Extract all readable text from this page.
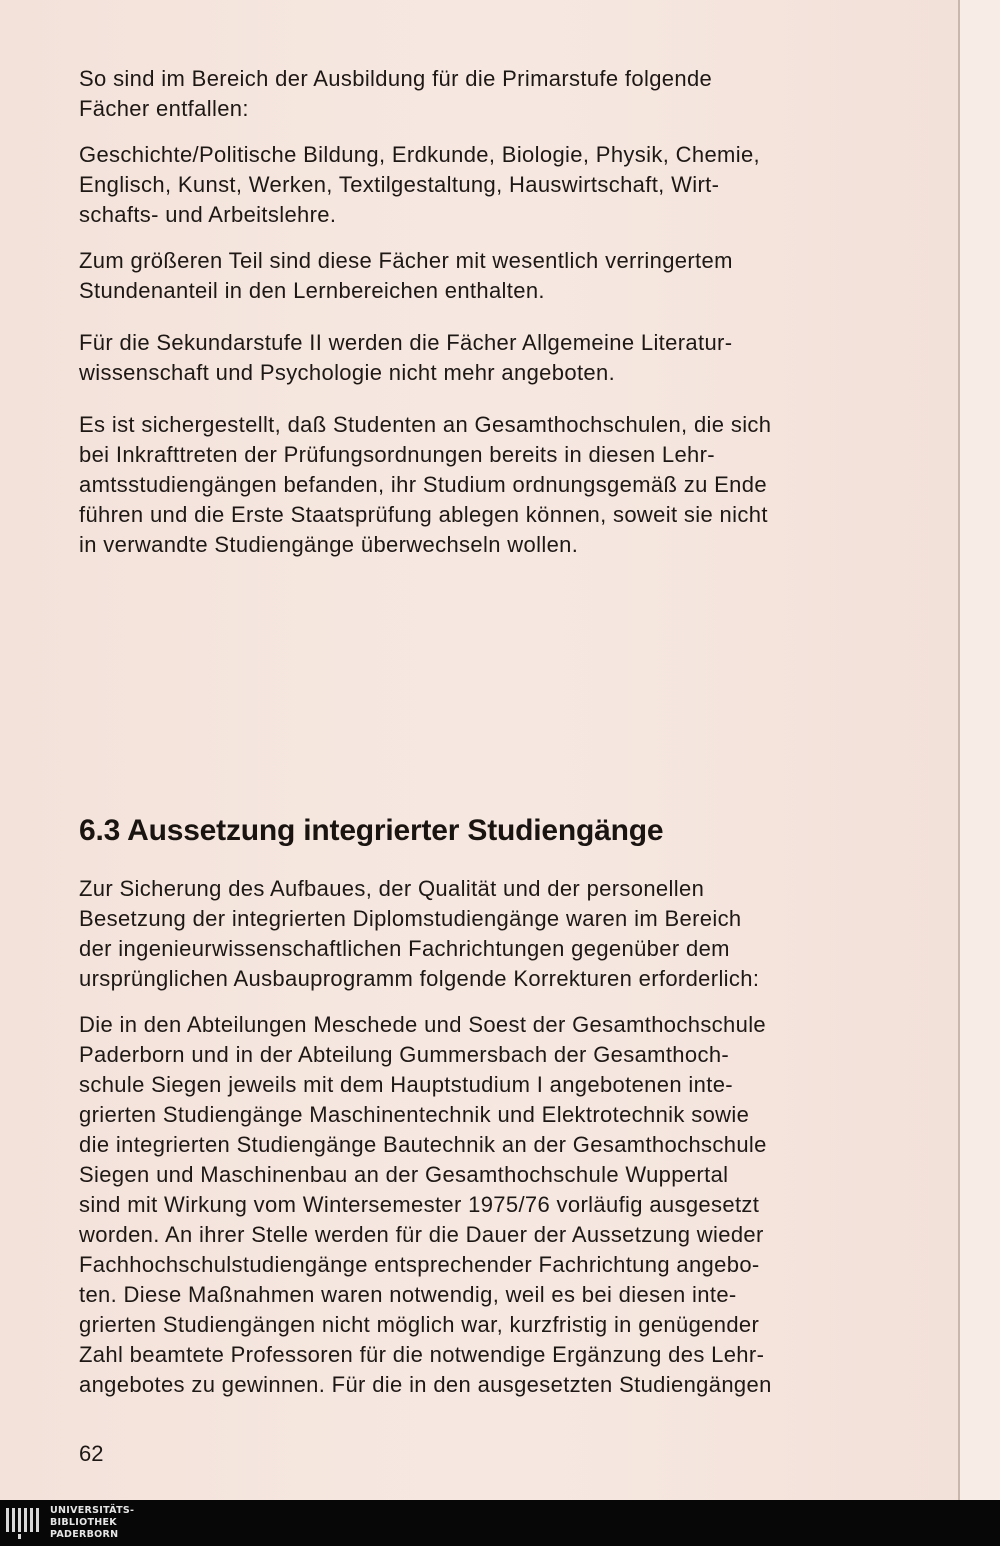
So sind im Bereich der Ausbildung für die Primarstufe folgende
Fächer entfallen:

Geschichte/Politische Bildung, Erdkunde, Biologie, Physik, Chemie,
Englisch, Kunst, Werken, Textilgestaltung, Hauswirtschaft, Wirt-
schafts- und Arbeitslehre.

Zum größeren Teil sind diese Fächer mit wesentlich verringertem
Stundenanteil in den Lernbereichen enthalten.

Für die Sekundarstufe II werden die Fächer Allgemeine Literatur-
wissenschaft und Psychologie nicht mehr angeboten.

Es ist sichergestellt, daß Studenten an Gesamthochschulen, die sich
bei Inkrafttreten der Prüfungsordnungen bereits in diesen Lehr-
amtsstudiengängen befanden, ihr Studium ordnungsgemäß zu Ende
führen und die Erste Staatsprüfung ablegen können, soweit sie nicht
in verwandte Studiengänge überwechseln wollen.

6.3 Aussetzung integrierter Studiengänge

Zur Sicherung des Aufbaues, der Qualität und der personellen
Besetzung der integrierten Diplomstudiengänge waren im Bereich
der ingenieurwissenschaftlichen Fachrichtungen gegenüber dem
ursprünglichen Ausbauprogramm folgende Korrekturen erforderlich:

Die in den Abteilungen Meschede und Soest der Gesamthochschule
Paderborn und in der Abteilung Gummersbach der Gesamthoch-
schule Siegen jeweils mit dem Hauptstudium I angebotenen inte-
grierten Studiengänge Maschinentechnik und Elektrotechnik sowie
die integrierten Studiengänge Bautechnik an der Gesamthochschule
Siegen und Maschinenbau an der Gesamthochschule Wuppertal
sind mit Wirkung vom Wintersemester 1975/76 vorläufig ausgesetzt
worden. An ihrer Stelle werden für die Dauer der Aussetzung wieder
Fachhochschulstudiengänge entsprechender Fachrichtung angebo-
ten. Diese Maßnahmen waren notwendig, weil es bei diesen inte-
grierten Studiengängen nicht möglich war, kurzfristig in genügender
Zahl beamtete Professoren für die notwendige Ergänzung des Lehr-
angebotes zu gewinnen. Für die in den ausgesetzten Studiengängen

62

UNIVERSITÄTS-
BIBLIOTHEK
PADERBORN
